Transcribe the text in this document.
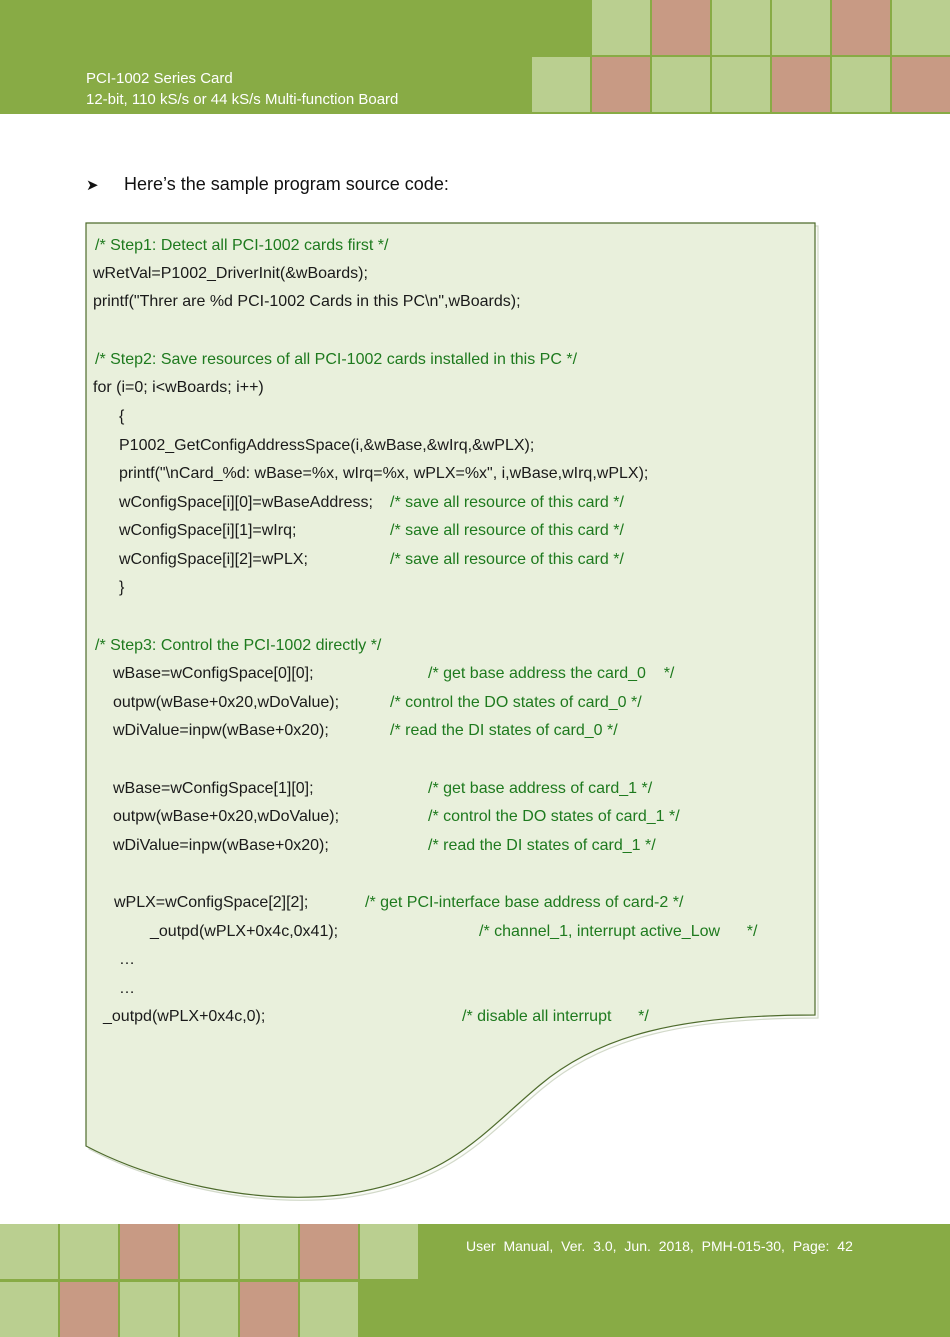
PCI-1002 Series Card
12-bit, 110 kS/s or 44 kS/s Multi-function Board
➤ Here’s the sample program source code:
/* Step1: Detect all PCI-1002 cards first */
wRetVal=P1002_DriverInit(&wBoards);
printf("Threr are %d PCI-1002 Cards in this PC\n",wBoards);
/* Step2: Save resources of all PCI-1002 cards installed in this PC */
for (i=0; i<wBoards; i++)
{
P1002_GetConfigAddressSpace(i,&wBase,&wIrq,&wPLX);
printf("\nCard_%d: wBase=%x, wIrq=%x, wPLX=%x", i,wBase,wIrq,wPLX);
wConfigSpace[i][0]=wBaseAddress; /* save all resource of this card */
wConfigSpace[i][1]=wIrq;	/* save all resource of this card */
wConfigSpace[i][2]=wPLX;	/* save all resource of this card */
}
/* Step3: Control the PCI-1002 directly */
wBase=wConfigSpace[0][0];	/* get base address the card_0    */
outpw(wBase+0x20,wDoValue);	/* control the DO states of card_0 */
wDiValue=inpw(wBase+0x20);	/* read the DI states of card_0 */
wBase=wConfigSpace[1][0];	/* get base address of card_1 */
outpw(wBase+0x20,wDoValue);	/* control the DO states of card_1 */
wDiValue=inpw(wBase+0x20);	/* read the DI states of card_1 */
wPLX=wConfigSpace[2][2];	/* get PCI-interface base address of card-2 */
_outpd(wPLX+0x4c,0x41);	/* channel_1, interrupt active_Low      */
…
…
_outpd(wPLX+0x4c,0);	/* disable all interrupt      */
User Manual, Ver. 3.0, Jun. 2018, PMH-015-30, Page: 42
